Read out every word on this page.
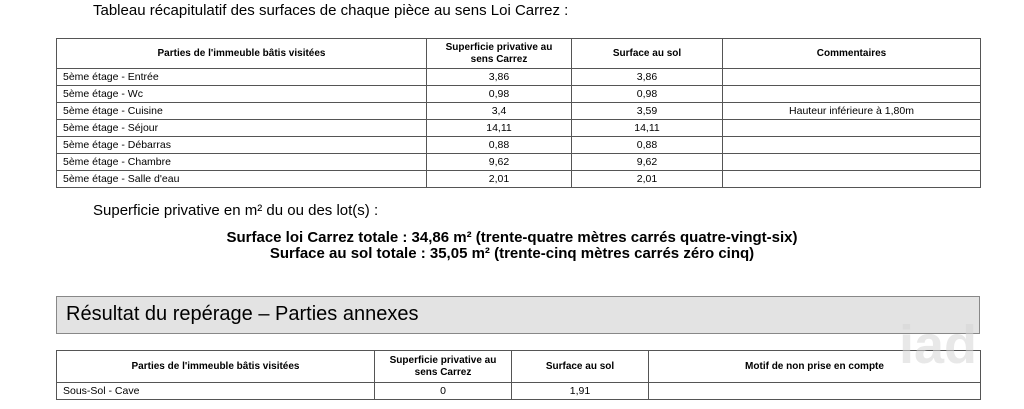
Tableau récapitulatif des surfaces de chaque pièce au sens Loi Carrez :
Parties de l'immeuble bâtis visitées	Superficie privative au sens Carrez	Surface au sol	Commentaires
5ème étage - Entrée	3,86	3,86	
5ème étage - Wc	0,98	0,98	
5ème étage - Cuisine	3,4	3,59	Hauteur inférieure à 1,80m
5ème étage - Séjour	14,11	14,11	
5ème étage - Débarras	0,88	0,88	
5ème étage - Chambre	9,62	9,62	
5ème étage - Salle d'eau	2,01	2,01	
Superficie privative en m² du ou des lot(s) :
Surface loi Carrez totale : 34,86 m² (trente-quatre mètres carrés quatre-vingt-six)
Surface au sol totale : 35,05 m² (trente-cinq mètres carrés zéro cinq)
Résultat du repérage – Parties annexes
Parties de l'immeuble bâtis visitées	Superficie privative au sens Carrez	Surface au sol	Motif de non prise en compte
Sous-Sol - Cave	0	1,91	
iad
